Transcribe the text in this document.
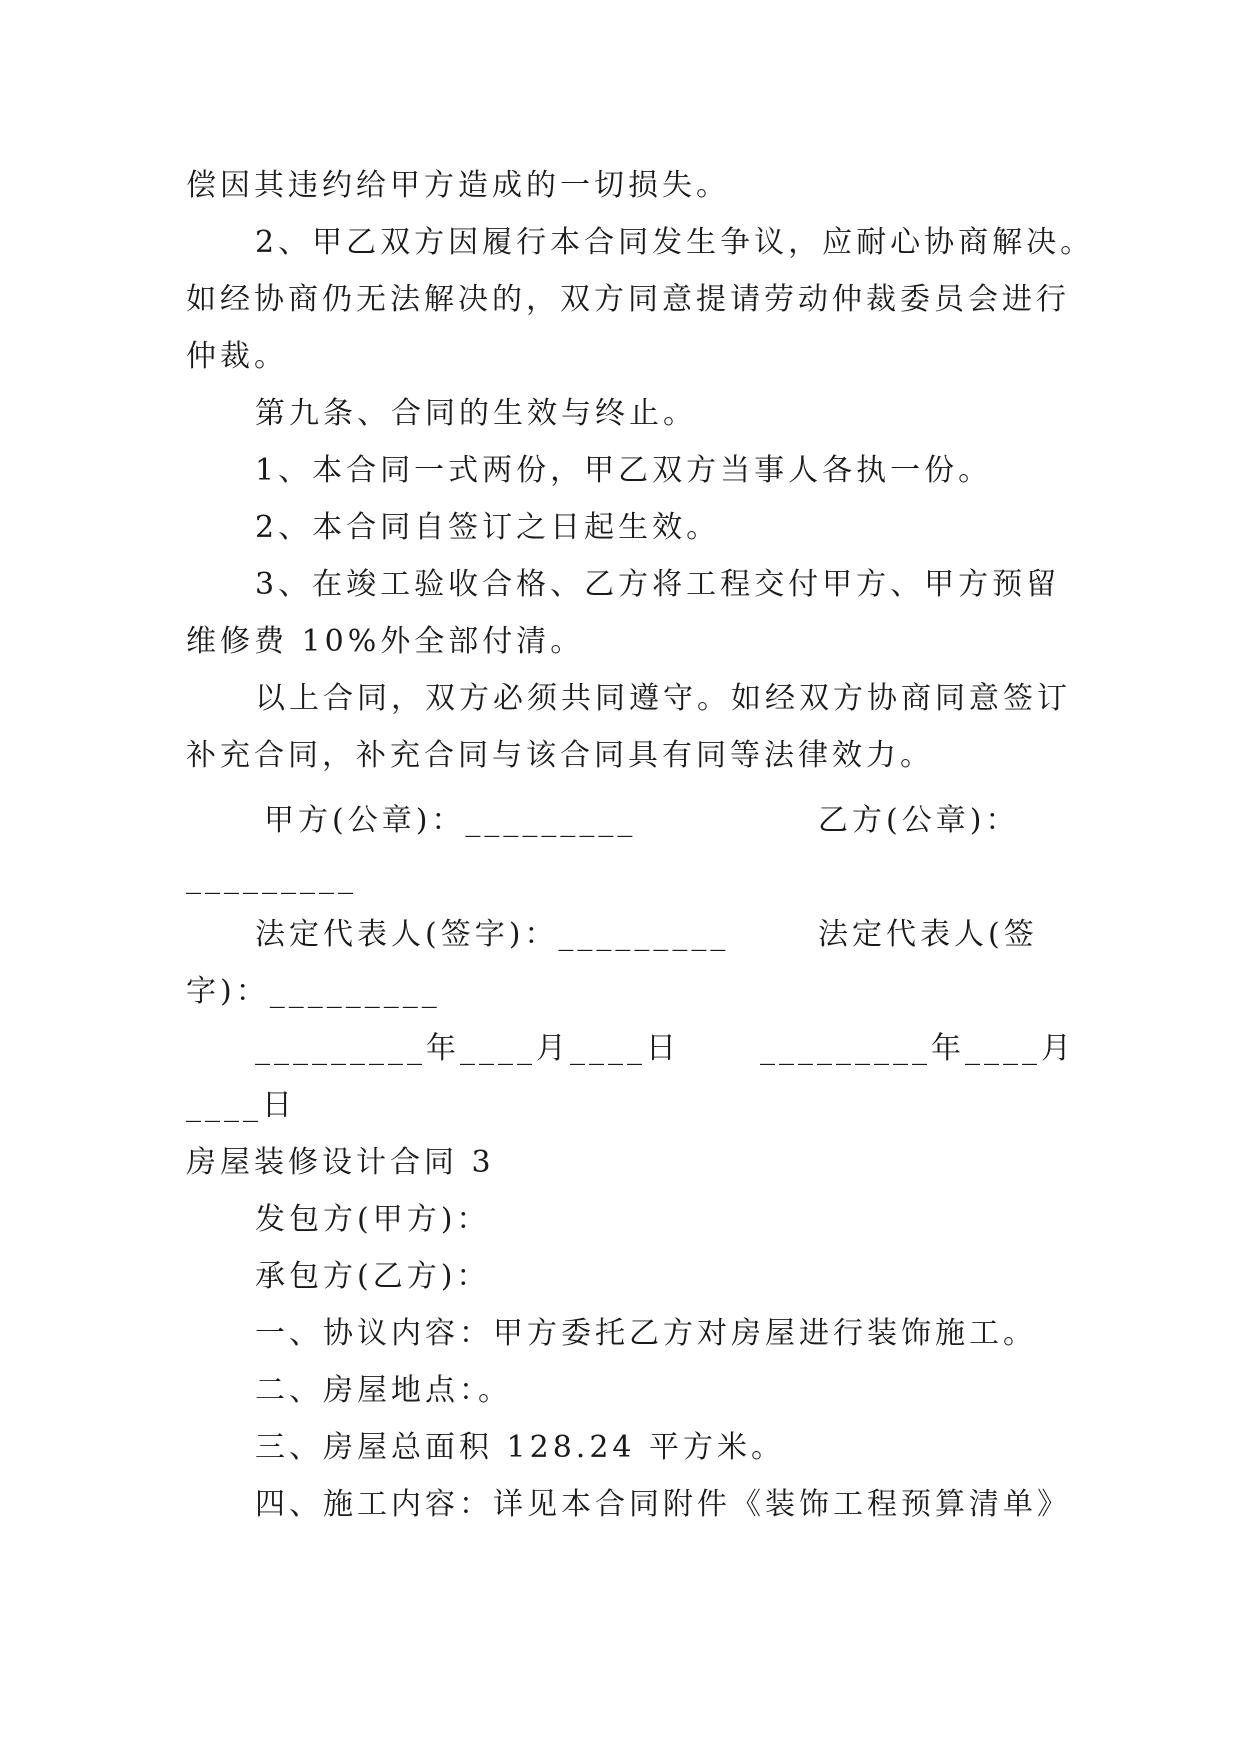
偿因其违约给甲方造成的一切损失。
2、甲乙双方因履行本合同发生争议，应耐心协商解决。
如经协商仍无法解决的，双方同意提请劳动仲裁委员会进行
仲裁。
第九条、合同的生效与终止。
1、本合同一式两份，甲乙双方当事人各执一份。
2、本合同自签订之日起生效。
3、在竣工验收合格、乙方将工程交付甲方、甲方预留
维修费 10%外全部付清。
以上合同，双方必须共同遵守。如经双方协商同意签订
补充合同，补充合同与该合同具有同等法律效力。
甲方(公章)：_________	乙方(公章)：
_________
法定代表人(签字)：_________	法定代表人(签
字)：_________
_________年____月____日	_________年____月
____日
房屋装修设计合同 3
发包方(甲方)：
承包方(乙方)：
一、协议内容：甲方委托乙方对房屋进行装饰施工。
二、房屋地点：。
三、房屋总面积 128.24 平方米。
四、施工内容：详见本合同附件《装饰工程预算清单》
